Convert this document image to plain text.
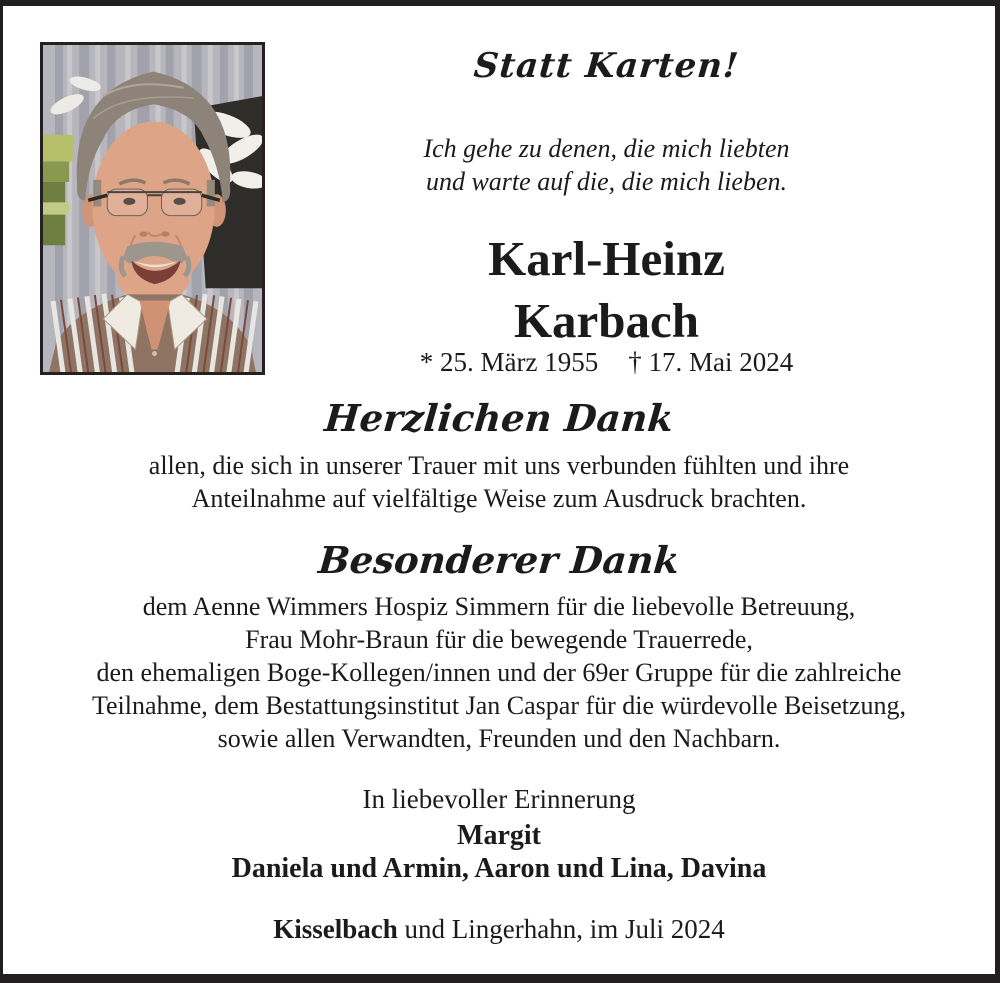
Statt Karten!
Ich gehe zu denen, die mich liebten
und warte auf die, die mich lieben.
Karl-Heinz
Karbach
* 25. März 1955 † 17. Mai 2024
Herzlichen Dank
allen, die sich in unserer Trauer mit uns verbunden fühlten und ihre
Anteilnahme auf vielfältige Weise zum Ausdruck brachten.
Besonderer Dank
dem Aenne Wimmers Hospiz Simmern für die liebevolle Betreuung,
Frau Mohr-Braun für die bewegende Trauerrede,
den ehemaligen Boge-Kollegen/innen und der 69er Gruppe für die zahlreiche
Teilnahme, dem Bestattungsinstitut Jan Caspar für die würdevolle Beisetzung,
sowie allen Verwandten, Freunden und den Nachbarn.
In liebevoller Erinnerung
Margit
Daniela und Armin, Aaron und Lina, Davina
Kisselbach und Lingerhahn, im Juli 2024
